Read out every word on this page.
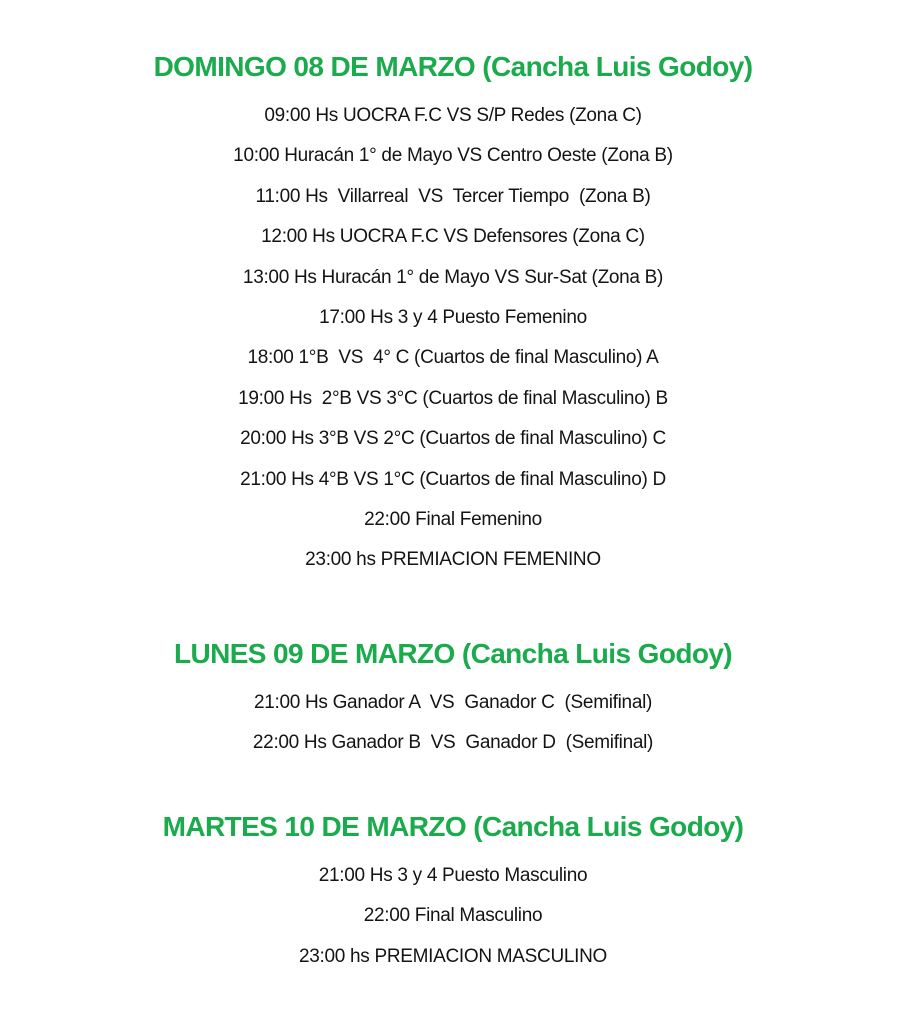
DOMINGO 08 DE MARZO (Cancha Luis Godoy)
09:00 Hs UOCRA F.C VS S/P Redes (Zona C)
10:00 Huracán 1° de Mayo VS Centro Oeste (Zona B)
11:00 Hs  Villarreal  VS  Tercer Tiempo  (Zona B)
12:00 Hs UOCRA F.C VS Defensores (Zona C)
13:00 Hs Huracán 1° de Mayo VS Sur-Sat (Zona B)
17:00 Hs 3 y 4 Puesto Femenino
18:00 1°B  VS  4° C (Cuartos de final Masculino) A
19:00 Hs  2°B VS 3°C (Cuartos de final Masculino) B
20:00 Hs 3°B VS 2°C (Cuartos de final Masculino) C
21:00 Hs 4°B VS 1°C (Cuartos de final Masculino) D
22:00 Final Femenino
23:00 hs PREMIACION FEMENINO
LUNES 09 DE MARZO (Cancha Luis Godoy)
21:00 Hs Ganador A  VS  Ganador C  (Semifinal)
22:00 Hs Ganador B  VS  Ganador D  (Semifinal)
MARTES 10 DE MARZO (Cancha Luis Godoy)
21:00 Hs 3 y 4 Puesto Masculino
22:00 Final Masculino
23:00 hs PREMIACION MASCULINO
